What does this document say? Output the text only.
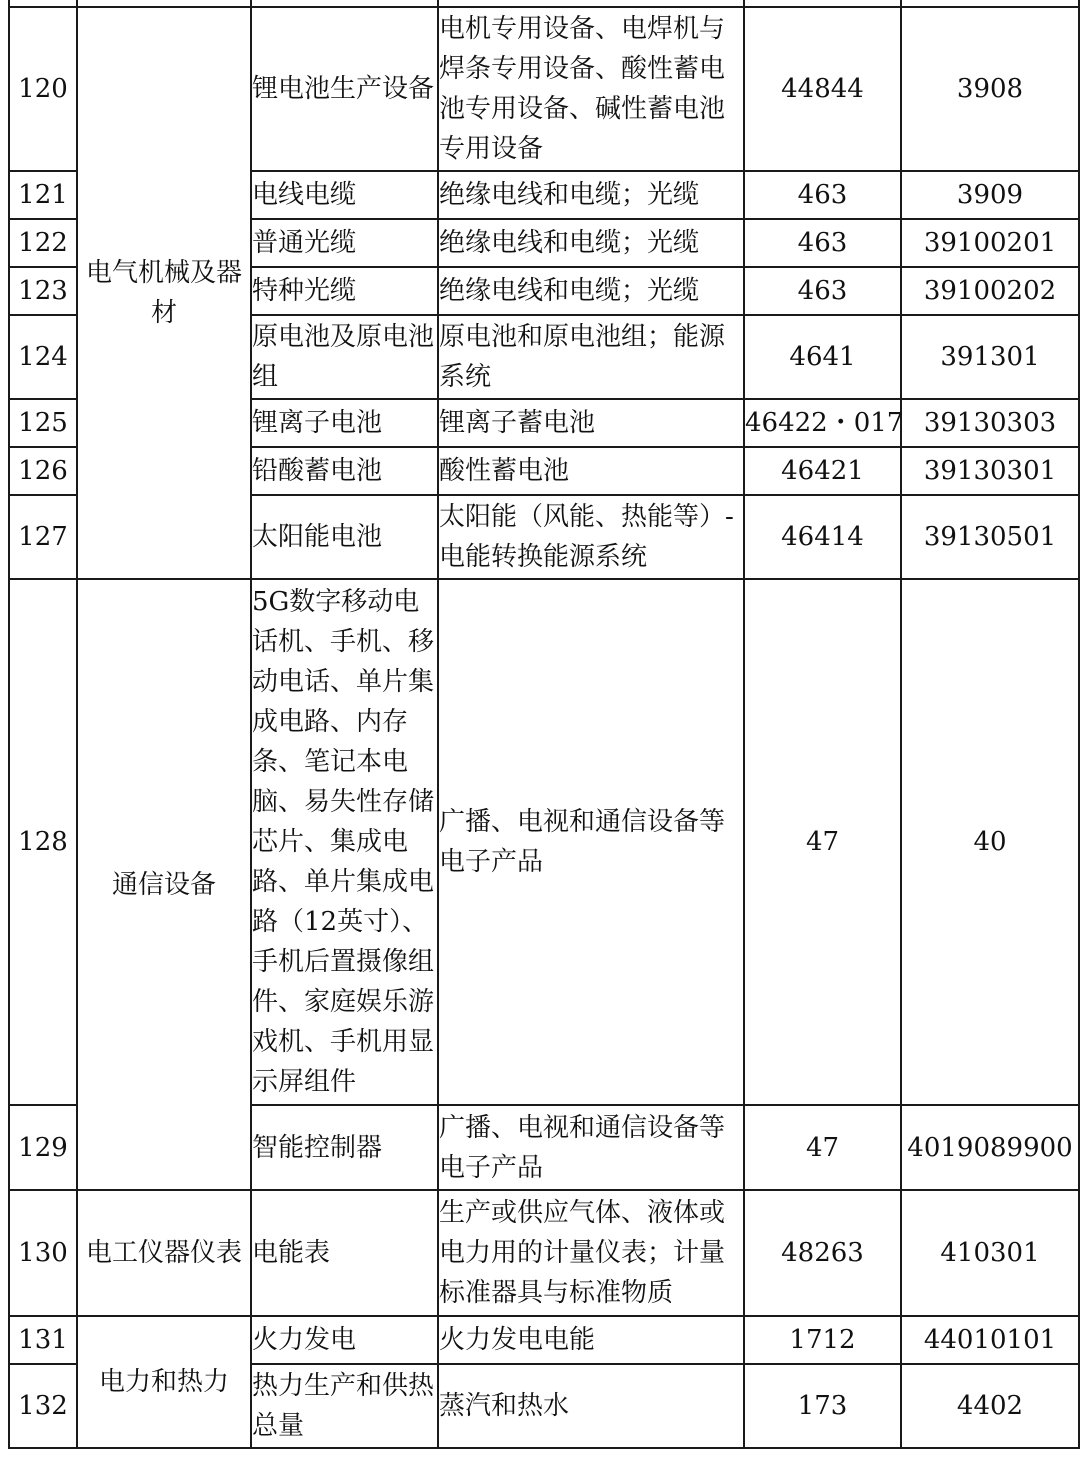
120	电气机械及器材	锂电池生产设备	电机专用设备、电焊机与焊条专用设备、酸性蓄电池专用设备、碱性蓄电池专用设备	44844	3908
121		电线电缆	绝缘电线和电缆；光缆	463	3909
122		普通光缆	绝缘电线和电缆；光缆	463	39100201
123		特种光缆	绝缘电线和电缆；光缆	463	39100202
124		原电池及原电池组	原电池和原电池组；能源系统	4641	391301
125		锂离子电池	锂离子蓄电池	46422・017	39130303
126		铅酸蓄电池	酸性蓄电池	46421	39130301
127		太阳能电池	太阳能（风能、热能等）-电能转换能源系统	46414	39130501
128	通信设备	5G数字移动电话机、手机、移动电话、单片集成电路、内存条、笔记本电脑、易失性存储芯片、集成电路、单片集成电路（12英寸）、手机后置摄像组件、家庭娱乐游戏机、手机用显示屏组件	广播、电视和通信设备等电子产品	47	40
129		智能控制器	广播、电视和通信设备等电子产品	47	4019089900
130	电工仪器仪表	电能表	生产或供应气体、液体或电力用的计量仪表；计量标准器具与标准物质	48263	410301
131	电力和热力	火力发电	火力发电电能	1712	44010101
132		热力生产和供热总量	蒸汽和热水	173	4402
